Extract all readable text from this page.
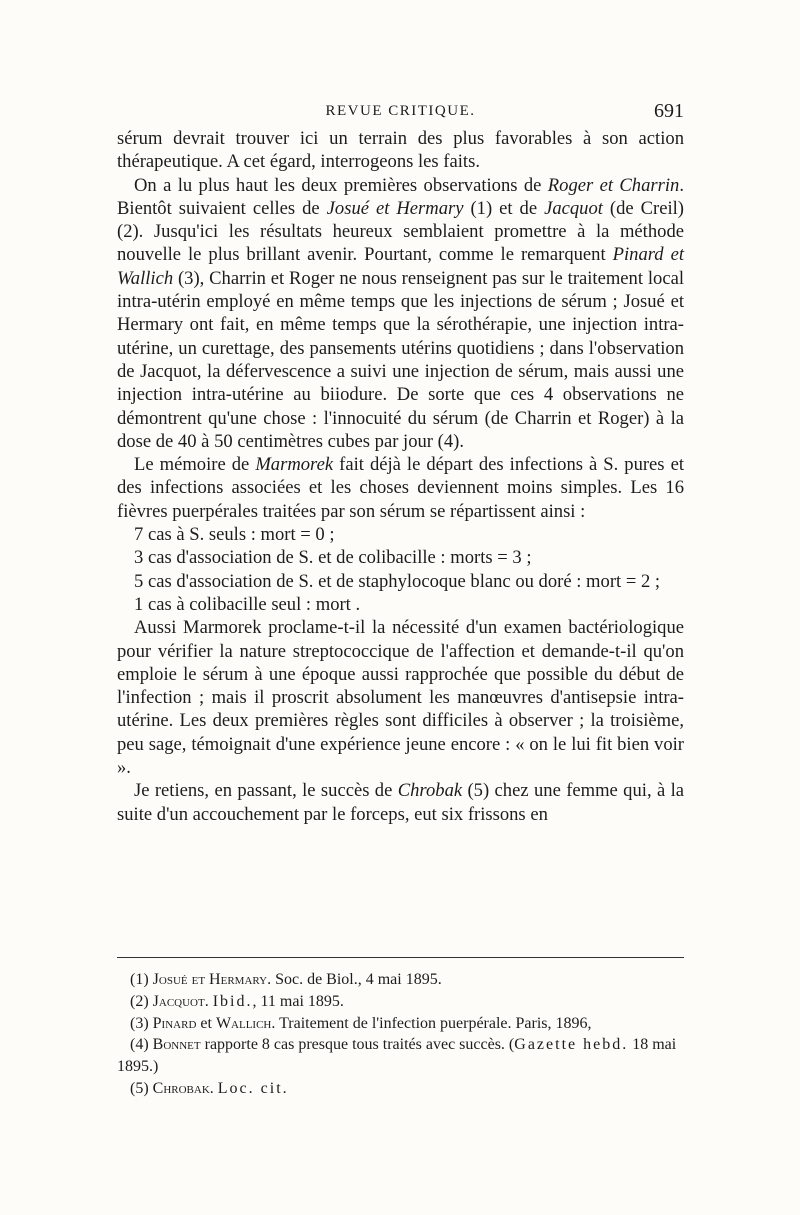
REVUE CRITIQUE.	691

sérum devrait trouver ici un terrain des plus favorables à son action thérapeutique. A cet égard, interrogeons les faits.

On a lu plus haut les deux premières observations de Roger et Charrin. Bientôt suivaient celles de Josué et Hermary (1) et de Jacquot (de Creil) (2). Jusqu'ici les résultats heureux semblaient promettre à la méthode nouvelle le plus brillant avenir. Pourtant, comme le remarquent Pinard et Wallich (3), Charrin et Roger ne nous renseignent pas sur le traitement local intra-utérin employé en même temps que les injections de sérum ; Josué et Hermary ont fait, en même temps que la sérothérapie, une injection intra-utérine, un curettage, des pansements utérins quotidiens ; dans l'observation de Jacquot, la défervescence a suivi une injection de sérum, mais aussi une injection intra-utérine au biiodure. De sorte que ces 4 observations ne démontrent qu'une chose : l'innocuité du sérum (de Charrin et Roger) à la dose de 40 à 50 centimètres cubes par jour (4).

Le mémoire de Marmorek fait déjà le départ des infections à S. pures et des infections associées et les choses deviennent moins simples. Les 16 fièvres puerpérales traitées par son sérum se répartissent ainsi :

7 cas à S. seuls : mort = 0 ;

3 cas d'association de S. et de colibacille : morts = 3 ;

5 cas d'association de S. et de staphylocoque blanc ou doré : mort = 2 ;

1 cas à colibacille seul : mort .

Aussi Marmorek proclame-t-il la nécessité d'un examen bactériologique pour vérifier la nature streptococcique de l'affection et demande-t-il qu'on emploie le sérum à une époque aussi rapprochée que possible du début de l'infection ; mais il proscrit absolument les manœuvres d'antisepsie intra-utérine. Les deux premières règles sont difficiles à observer ; la troisième, peu sage, témoignait d'une expérience jeune encore : « on le lui fit bien voir ».

Je retiens, en passant, le succès de Chrobak (5) chez une femme qui, à la suite d'un accouchement par le forceps, eut six frissons en

(1) Josué et Hermary. Soc. de Biol., 4 mai 1895.

(2) Jacquot. Ibid., 11 mai 1895.

(3) Pinard et Wallich. Traitement de l'infection puerpérale. Paris, 1896,

(4) Bonnet rapporte 8 cas presque tous traités avec succès. (Gazette hebd. 18 mai 1895.)

(5) Chrobak. Loc. cit.
